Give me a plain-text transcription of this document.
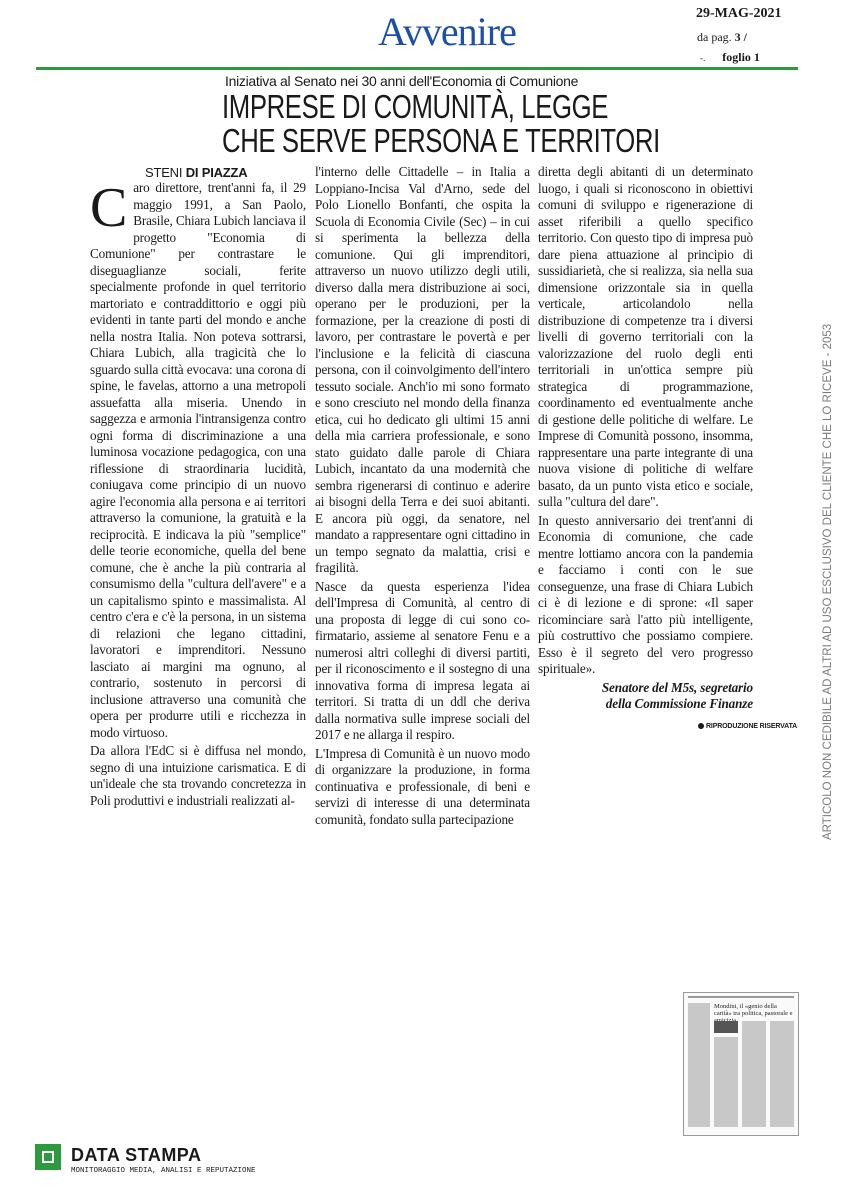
Avvenire	29-MAG-2021
da pag. 3 /
-. foglio 1
Iniziativa al Senato nei 30 anni dell'Economia di Comunione
IMPRESE DI COMUNITÀ, LEGGE
CHE SERVE PERSONA E TERRITORI
STENI DI PIAZZA

Caro direttore, trent'anni fa, il 29 maggio 1991, a San Paolo, Brasile, Chiara Lubich lanciava il progetto "Economia di Comunione" per contrastare le diseguaglianze sociali, ferite specialmente profonde in quel territorio martoriato e contraddittorio e oggi più evidenti in tante parti del mondo e anche nella nostra Italia. Non poteva sottrarsi, Chiara Lubich, alla tragicità che lo sguardo sulla città evocava: una corona di spine, le favelas, attorno a una metropoli assuefatta alla miseria. Unendo in saggezza e armonia l'intransigenza contro ogni forma di discriminazione a una luminosa vocazione pedagogica, con una riflessione di straordinaria lucidità, coniugava come principio di un nuovo agire l'economia alla persona e ai territori attraverso la comunione, la gratuità e la reciprocità. E indicava la più "semplice" delle teorie economiche, quella del bene comune, che è anche la più contraria al consumismo della "cultura dell'avere" e a un capitalismo spinto e massimalista. Al centro c'era e c'è la persona, in un sistema di relazioni che legano cittadini, lavoratori e imprenditori. Nessuno lasciato ai margini ma ognuno, al contrario, sostenuto in percorsi di inclusione attraverso una comunità che opera per produrre utili e ricchezza in modo virtuoso.

Da allora l'EdC si è diffusa nel mondo, segno di una intuizione carismatica. E di un'ideale che sta trovando concretezza in Poli produttivi e industriali realizzati al-

l'interno delle Cittadelle – in Italia a Loppiano-Incisa Val d'Arno, sede del Polo Lionello Bonfanti, che ospita la Scuola di Economia Civile (Sec) – in cui si sperimenta la bellezza della comunione. Qui gli imprenditori, attraverso un nuovo utilizzo degli utili, diverso dalla mera distribuzione ai soci, operano per le produzioni, per la formazione, per la creazione di posti di lavoro, per contrastare le povertà e per l'inclusione e la felicità di ciascuna persona, con il coinvolgimento dell'intero tessuto sociale. Anch'io mi sono formato e sono cresciuto nel mondo della finanza etica, cui ho dedicato gli ultimi 15 anni della mia carriera professionale, e sono stato guidato dalle parole di Chiara Lubich, incantato da una modernità che sembra rigenerarsi di continuo e aderire ai bisogni della Terra e dei suoi abitanti. E ancora più oggi, da senatore, nel mandato a rappresentare ogni cittadino in un tempo segnato da malattia, crisi e fragilità.

Nasce da questa esperienza l'idea dell'Impresa di Comunità, al centro di una proposta di legge di cui sono co-firmatario, assieme al senatore Fenu e a numerosi altri colleghi di diversi partiti, per il riconoscimento e il sostegno di una innovativa forma di impresa legata ai territori. Si tratta di un ddl che deriva dalla normativa sulle imprese sociali del 2017 e ne allarga il respiro.

L'Impresa di Comunità è un nuovo modo di organizzare la produzione, in forma continuativa e professionale, di beni e servizi di interesse di una determinata comunità, fondato sulla partecipazione

diretta degli abitanti di un determinato luogo, i quali si riconoscono in obiettivi comuni di sviluppo e rigenerazione di asset riferibili a quello specifico territorio. Con questo tipo di impresa può dare piena attuazione al principio di sussidiarietà, che si realizza, sia nella sua dimensione orizzontale sia in quella verticale, articolandolo nella distribuzione di competenze tra i diversi livelli di governo territoriali con la valorizzazione del ruolo degli enti territoriali in un'ottica sempre più strategica di programmazione, coordinamento ed eventualmente anche di gestione delle politiche di welfare. Le Imprese di Comunità possono, insomma, rappresentare una parte integrante di una nuova visione di politiche di welfare basato, da un punto vista etico e sociale, sulla "cultura del dare".

In questo anniversario dei trent'anni di Economia di comunione, che cade mentre lottiamo ancora con la pandemia e facciamo i conti con le sue conseguenze, una frase di Chiara Lubich ci è di lezione e di sprone: «Il saper ricominciare sarà l'atto più intelligente, più costruttivo che possiamo compiere. Esso è il segreto del vero progresso spirituale».

Senatore del M5s, segretario
della Commissione Finanze
RIPRODUZIONE RISERVATA ARTICOLO NON CEDIBILE AD ALTRI AD USO ESCLUSIVO DEL CLIENTE CHE LO RICEVE - 2053
Mondini, il «genio della carità» tra politica, pastorale e
DATA STAMPA
MONITORAGGIO MEDIA, ANALISI E REPUTAZIONE
